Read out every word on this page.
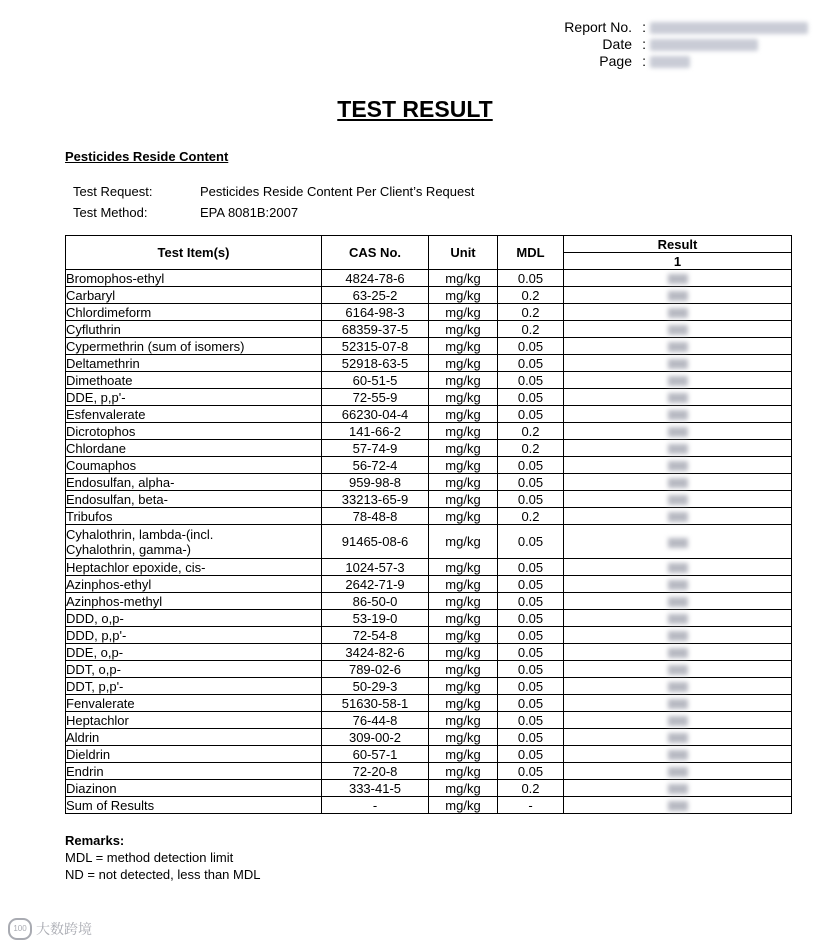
Report No. :
Date :
Page :
TEST RESULT
Pesticides Reside Content
Test Request:	Pesticides Reside Content Per Client’s Request
Test Method:	EPA 8081B:2007
Test Item(s)	CAS No.	Unit	MDL	Result
				1

Bromophos-ethyl	4824-78-6	mg/kg	0.05	

Carbaryl	63-25-2	mg/kg	0.2	

Chlordimeform	6164-98-3	mg/kg	0.2	

Cyfluthrin	68359-37-5	mg/kg	0.2	

Cypermethrin (sum of isomers)	52315-07-8	mg/kg	0.05	

Deltamethrin	52918-63-5	mg/kg	0.05	

Dimethoate	60-51-5	mg/kg	0.05	

DDE, p,p'-	72-55-9	mg/kg	0.05	

Esfenvalerate	66230-04-4	mg/kg	0.05	

Dicrotophos	141-66-2	mg/kg	0.2	

Chlordane	57-74-9	mg/kg	0.2	

Coumaphos	56-72-4	mg/kg	0.05	

Endosulfan, alpha-	959-98-8	mg/kg	0.05	

Endosulfan, beta-	33213-65-9	mg/kg	0.05	

Tribufos	78-48-8	mg/kg	0.2	

Cyhalothrin, lambda-(incl.
Cyhalothrin, gamma-)	91465-08-6	mg/kg	0.05	

Heptachlor epoxide, cis-	1024-57-3	mg/kg	0.05	

Azinphos-ethyl	2642-71-9	mg/kg	0.05	

Azinphos-methyl	86-50-0	mg/kg	0.05	

DDD, o,p-	53-19-0	mg/kg	0.05	

DDD, p,p'-	72-54-8	mg/kg	0.05	

DDE, o,p-	3424-82-6	mg/kg	0.05	

DDT, o,p-	789-02-6	mg/kg	0.05	

DDT, p,p'-	50-29-3	mg/kg	0.05	

Fenvalerate	51630-58-1	mg/kg	0.05	

Heptachlor	76-44-8	mg/kg	0.05	

Aldrin	309-00-2	mg/kg	0.05	

Dieldrin	60-57-1	mg/kg	0.05	

Endrin	72-20-8	mg/kg	0.05	

Diazinon	333-41-5	mg/kg	0.2	

Sum of Results	-	mg/kg	-	
Remarks:
MDL = method detection limit
ND = not detected, less than MDL
100 大数跨境
